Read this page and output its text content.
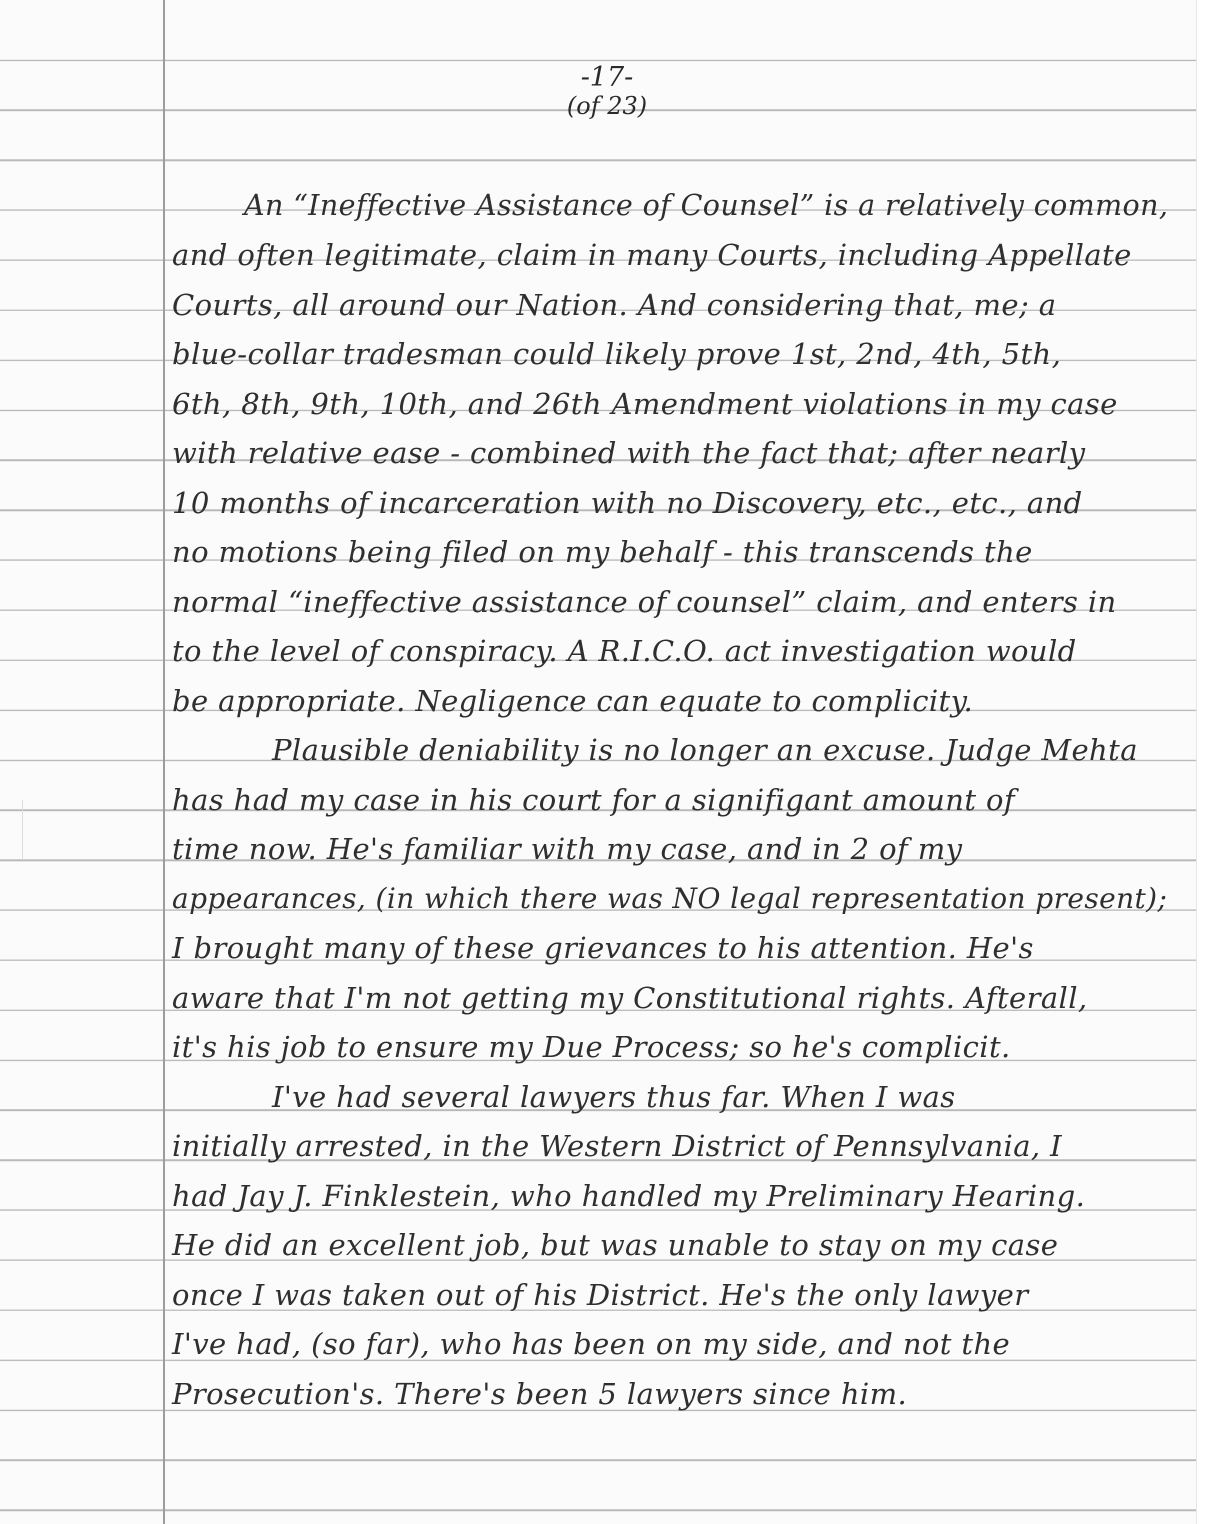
-17-
(of 23)
An “Ineffective Assistance of Counsel” is a relatively common,
and often legitimate, claim in many Courts, including Appellate
Courts, all around our Nation. And considering that, me; a
blue-collar tradesman could likely prove 1st, 2nd, 4th, 5th,
6th, 8th, 9th, 10th, and 26th Amendment violations in my case
with relative ease - combined with the fact that; after nearly
10 months of incarceration with no Discovery, etc., etc., and
no motions being filed on my behalf - this transcends the
normal “ineffective assistance of counsel” claim, and enters in
to the level of conspiracy. A R.I.C.O. act investigation would
be appropriate. Negligence can equate to complicity.
Plausible deniability is no longer an excuse. Judge Mehta
has had my case in his court for a signifigant amount of
time now. He's familiar with my case, and in 2 of my
appearances, (in which there was NO legal representation present);
I brought many of these grievances to his attention. He's
aware that I'm not getting my Constitutional rights. Afterall,
it's his job to ensure my Due Process; so he's complicit.
I've had several lawyers thus far. When I was
initially arrested, in the Western District of Pennsylvania, I
had Jay J. Finklestein, who handled my Preliminary Hearing.
He did an excellent job, but was unable to stay on my case
once I was taken out of his District. He's the only lawyer
I've had, (so far), who has been on my side, and not the
Prosecution's. There's been 5 lawyers since him.
